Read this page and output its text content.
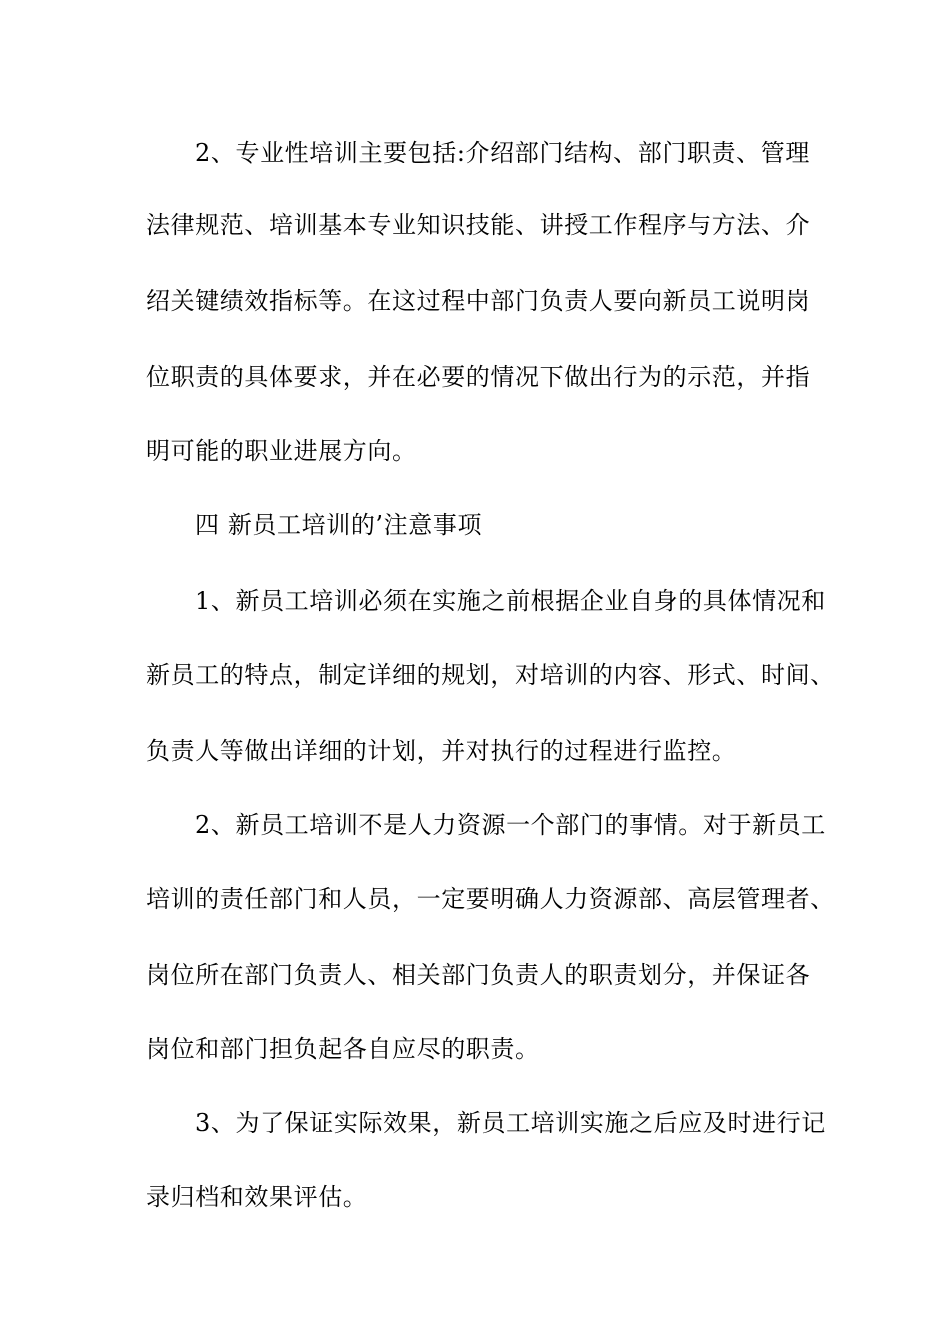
2、专业性培训主要包括:介绍部门结构、部门职责、管理
法律规范、培训基本专业知识技能、讲授工作程序与方法、介
绍关键绩效指标等。在这过程中部门负责人要向新员工说明岗
位职责的具体要求，并在必要的情况下做出行为的示范，并指
明可能的职业进展方向。
四 新员工培训的’注意事项
1、新员工培训必须在实施之前根据企业自身的具体情况和
新员工的特点，制定详细的规划，对培训的内容、形式、时间、
负责人等做出详细的计划，并对执行的过程进行监控。
2、新员工培训不是人力资源一个部门的事情。对于新员工
培训的责任部门和人员，一定要明确人力资源部、高层管理者、
岗位所在部门负责人、相关部门负责人的职责划分，并保证各
岗位和部门担负起各自应尽的职责。
3、为了保证实际效果，新员工培训实施之后应及时进行记
录归档和效果评估。
